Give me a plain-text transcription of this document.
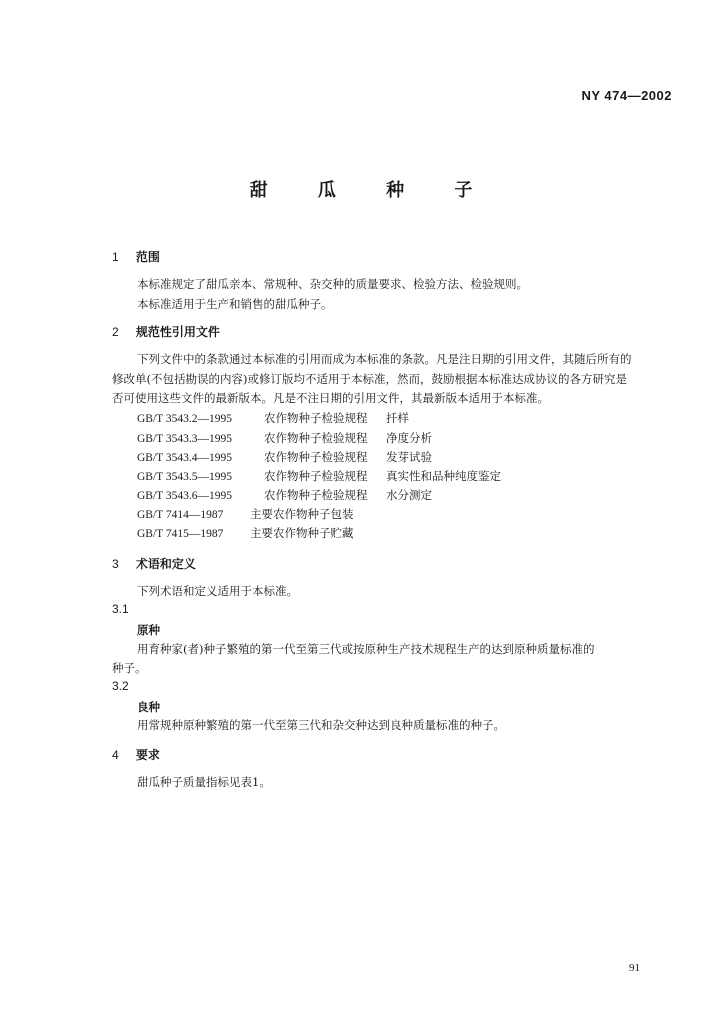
NY 474—2002
甜 瓜 种 子
1 范围
本标准规定了甜瓜亲本、常规种、杂交种的质量要求、检验方法、检验规则。
本标准适用于生产和销售的甜瓜种子。
2 规范性引用文件
下列文件中的条款通过本标准的引用而成为本标准的条款。凡是注日期的引用文件，其随后所有的
修改单(不包括勘误的内容)或修订版均不适用于本标准，然而，鼓励根据本标准达成协议的各方研究是
否可使用这些文件的最新版本。凡是不注日期的引用文件，其最新版本适用于本标准。
GB/T 3543.2—1995	农作物种子检验规程 扦样
GB/T 3543.3—1995	农作物种子检验规程 净度分析
GB/T 3543.4—1995	农作物种子检验规程 发芽试验
GB/T 3543.5—1995	农作物种子检验规程 真实性和品种纯度鉴定
GB/T 3543.6—1995	农作物种子检验规程 水分测定
GB/T 7414—1987 主要农作物种子包装
GB/T 7415—1987 主要农作物种子贮藏
3 术语和定义
下列术语和定义适用于本标准。
3.1
原种
用育种家(者)种子繁殖的第一代至第三代或按原种生产技术规程生产的达到原种质量标准的
种子。
3.2
良种
用常规种原种繁殖的第一代至第三代和杂交种达到良种质量标准的种子。
4 要求
甜瓜种子质量指标见表1。
91
